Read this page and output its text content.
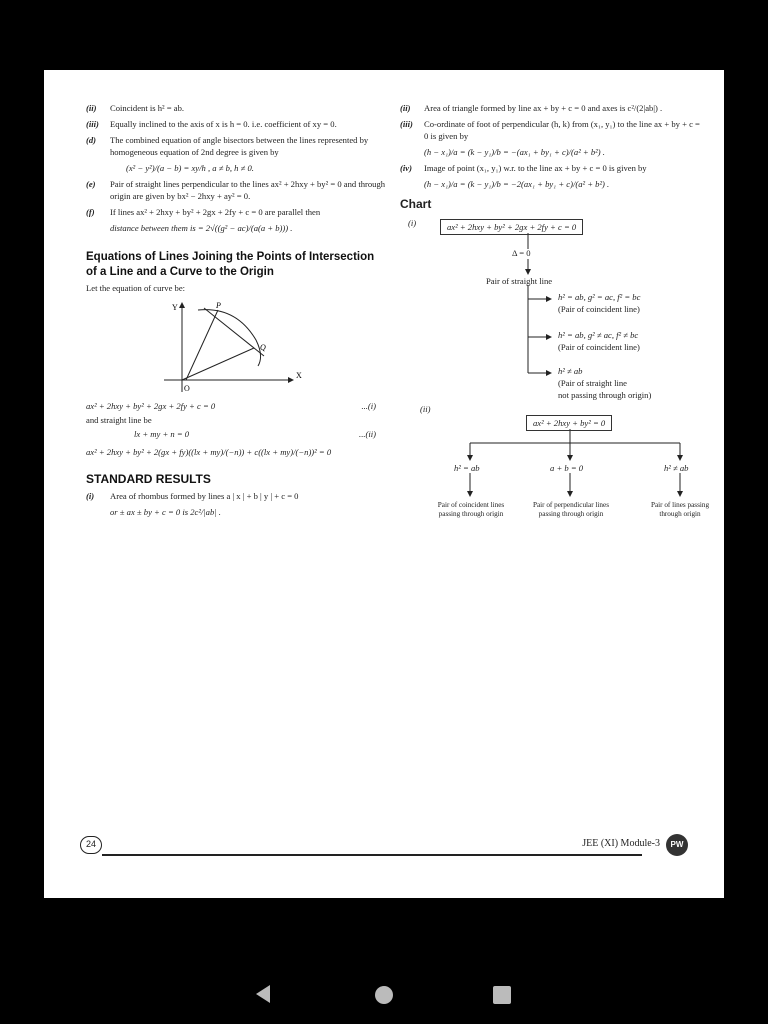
(ii) Coincident is h² = ab.
(iii) Equally inclined to the axis of x is h = 0. i.e. coefficient of xy = 0.
(d) The combined equation of angle bisectors between the lines represented by homogeneous equation of 2nd degree is given by
(x² − y²)/(a − b) = xy/h , a ≠ b, h ≠ 0.
(e) Pair of straight lines perpendicular to the lines ax² + 2hxy + by² = 0 and through origin are given by bx² − 2hxy + ay² = 0.
(f) If lines ax² + 2hxy + by² + 2gx + 2fy + c = 0 are parallel then
distance between them is = 2√((g² − ac)/(a(a + b))) .
Equations of Lines Joining the Points of Intersection of a Line and a Curve to the Origin
Let the equation of curve be:
Y
X
O
P
Q
ax² + 2hxy + by² + 2gx + 2fy + c = 0	...(i)
and straight line be
lx + my + n = 0	...(ii)
ax² + 2hxy + by² + 2(gx + fy)((lx + my)/(−n)) + c((lx + my)/(−n))² = 0
STANDARD RESULTS
(i) Area of rhombus formed by lines a | x | + b | y | + c = 0
or ± ax ± by + c = 0 is 2c²/|ab| .
(ii) Area of triangle formed by line ax + by + c = 0 and axes is c²/(2|ab|) .
(iii) Co-ordinate of foot of perpendicular (h, k) from (x₁, y₁) to the line ax + by + c = 0 is given by
(h − x₁)/a = (k − y₁)/b = −(ax₁ + by₁ + c)/(a² + b²) .
(iv) Image of point (x₁, y₁) w.r. to the line ax + by + c = 0 is given by
(h − x₁)/a = (k − y₁)/b = −2(ax₁ + by₁ + c)/(a² + b²) .
Chart
(i)	ax² + 2hxy + by² + 2gx + 2fy + c = 0
Δ = 0
Pair of straight line
h² = ab, g² = ac, f² = bc
(Pair of coincident line)
h² = ab, g² ≠ ac, f² ≠ bc
(Pair of coincident line)
h² ≠ ab
(Pair of straight line
not passing through origin)
(ii)
ax² + 2hxy + by² = 0
h² = ab	a + b = 0	h² ≠ ab
Pair of coincident lines passing through origin
Pair of perpendicular lines passing through origin
Pair of lines passing through origin
24	JEE (XI) Module-3	PW
